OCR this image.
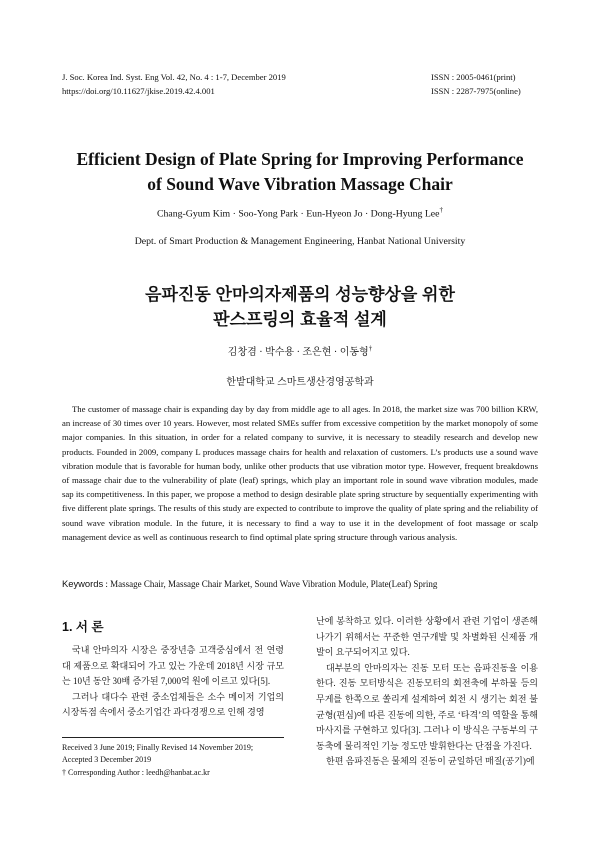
J. Soc. Korea Ind. Syst. Eng Vol. 42, No. 4 : 1-7, December 2019
https://doi.org/10.11627/jkise.2019.42.4.001
ISSN : 2005-0461(print)
ISSN : 2287-7975(online)
Efficient Design of Plate Spring for Improving Performance
of Sound Wave Vibration Massage Chair
Chang-Gyum Kim · Soo-Yong Park · Eun-Hyeon Jo · Dong-Hyung Lee†
Dept. of Smart Production & Management Engineering, Hanbat National University
음파진동 안마의자제품의 성능향상을 위한
판스프링의 효율적 설계
김창겸 · 박수용 · 조은현 · 이동형†
한밭대학교 스마트생산경영공학과

The customer of massage chair is expanding day by day from middle age to all ages. In 2018, the market size was 700 billion KRW, an increase of 30 times over 10 years. However, most related SMEs suffer from excessive competition by the market monopoly of some major companies. In this situation, in order for a related company to survive, it is necessary to steadily research and develop new products. Founded in 2009, company L produces massage chairs for health and relaxation of customers. L’s products use a sound wave vibration module that is favorable for human body, unlike other products that use vibration motor type. However, frequent breakdowns of massage chair due to the vulnerability of plate (leaf) springs, which play an important role in sound wave vibration modules, made sap its competitiveness. In this paper, we propose a method to design desirable plate spring structure by sequentially experimenting with five different plate springs. The results of this study are expected to contribute to improve the quality of plate spring and the reliability of sound wave vibration module. In the future, it is necessary to find a way to use it in the development of foot massage or scalp management device as well as continuous research to find optimal plate spring structure through various analysis.

Keywords : Massage Chair, Massage Chair Market, Sound Wave Vibration Module, Plate(Leaf) Spring
1. 서 론

국내 안마의자 시장은 중장년층 고객중심에서 전 연령대 제품으로 확대되어 가고 있는 가운데 2018년 시장 규모는 10년 동안 30배 증가된 7,000억 원에 이르고 있다[5].

그러나 대다수 관련 중소업체들은 소수 메이저 기업의 시장독점 속에서 중소기업간 과다경쟁으로 인해 경영

Received 3 June 2019; Finally Revised 14 November 2019;
Accepted 3 December 2019
† Corresponding Author : leedh@hanbat.ac.kr

난에 봉착하고 있다. 이러한 상황에서 관련 기업이 생존해 나가기 위해서는 꾸준한 연구개발 및 차별화된 신제품 개발이 요구되어지고 있다.

대부분의 안마의자는 진동 모터 또는 음파진동을 이용한다. 진동 모터방식은 진동모터의 회전축에 부하물 등의 무게를 한쪽으로 쏠리게 설계하여 회전 시 생기는 회전 불균형(편심)에 따른 진동에 의한, 주로 ‘타격’의 역할을 통해 마사지를 구현하고 있다[3]. 그러나 이 방식은 구동부의 구동축에 물리적인 기능 정도만 발휘한다는 단점을 가진다.

한편 음파진동은 물체의 진동이 균일하던 매질(공기)에
